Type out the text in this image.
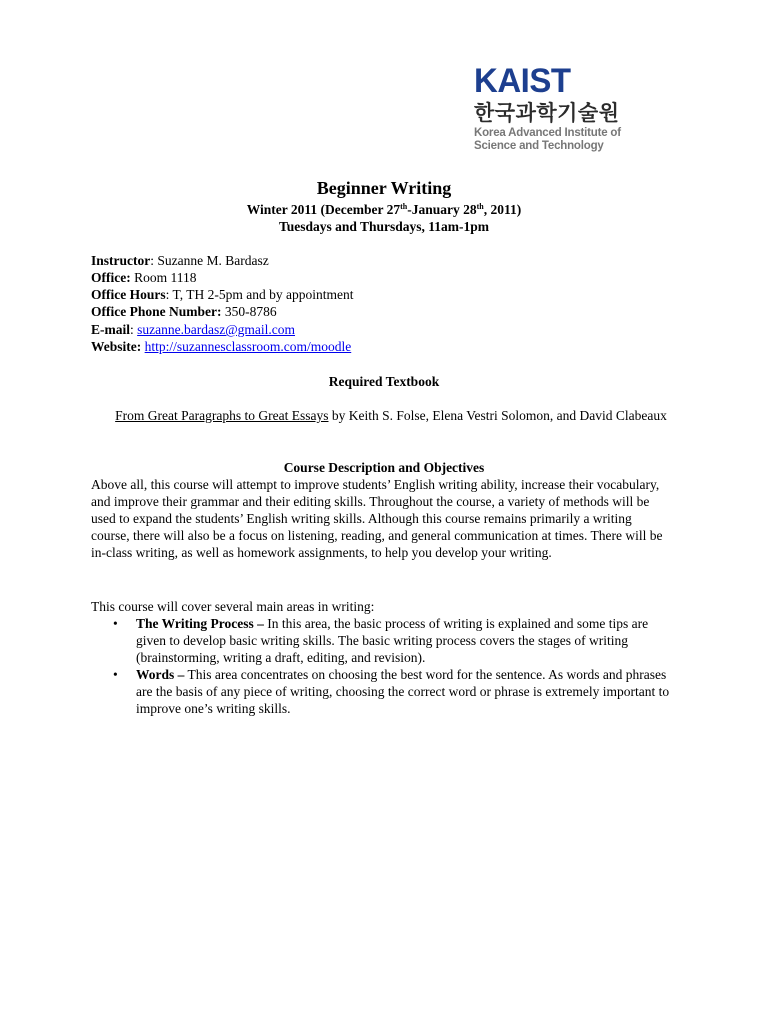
KAIST
한국과학기술원
Korea Advanced Institute of
Science and Technology
Beginner Writing
Winter 2011 (December 27th-January 28th, 2011)
Tuesdays and Thursdays, 11am-1pm
Instructor: Suzanne M. Bardasz
Office: Room 1118
Office Hours: T, TH 2-5pm and by appointment
Office Phone Number: 350-8786
E-mail: suzanne.bardasz@gmail.com
Website: http://suzannesclassroom.com/moodle
Required Textbook
From Great Paragraphs to Great Essays by Keith S. Folse, Elena Vestri Solomon, and David Clabeaux
Course Description and Objectives
Above all, this course will attempt to improve students’ English writing ability, increase their vocabulary, and improve their grammar and their editing skills. Throughout the course, a variety of methods will be used to expand the students’ English writing skills. Although this course remains primarily a writing course, there will also be a focus on listening, reading, and general communication at times. There will be in-class writing, as well as homework assignments, to help you develop your writing.
This course will cover several main areas in writing:
• The Writing Process – In this area, the basic process of writing is explained and some tips are given to develop basic writing skills. The basic writing process covers the stages of writing (brainstorming, writing a draft, editing, and revision).
• Words – This area concentrates on choosing the best word for the sentence. As words and phrases are the basis of any piece of writing, choosing the correct word or phrase is extremely important to improve one’s writing skills.
